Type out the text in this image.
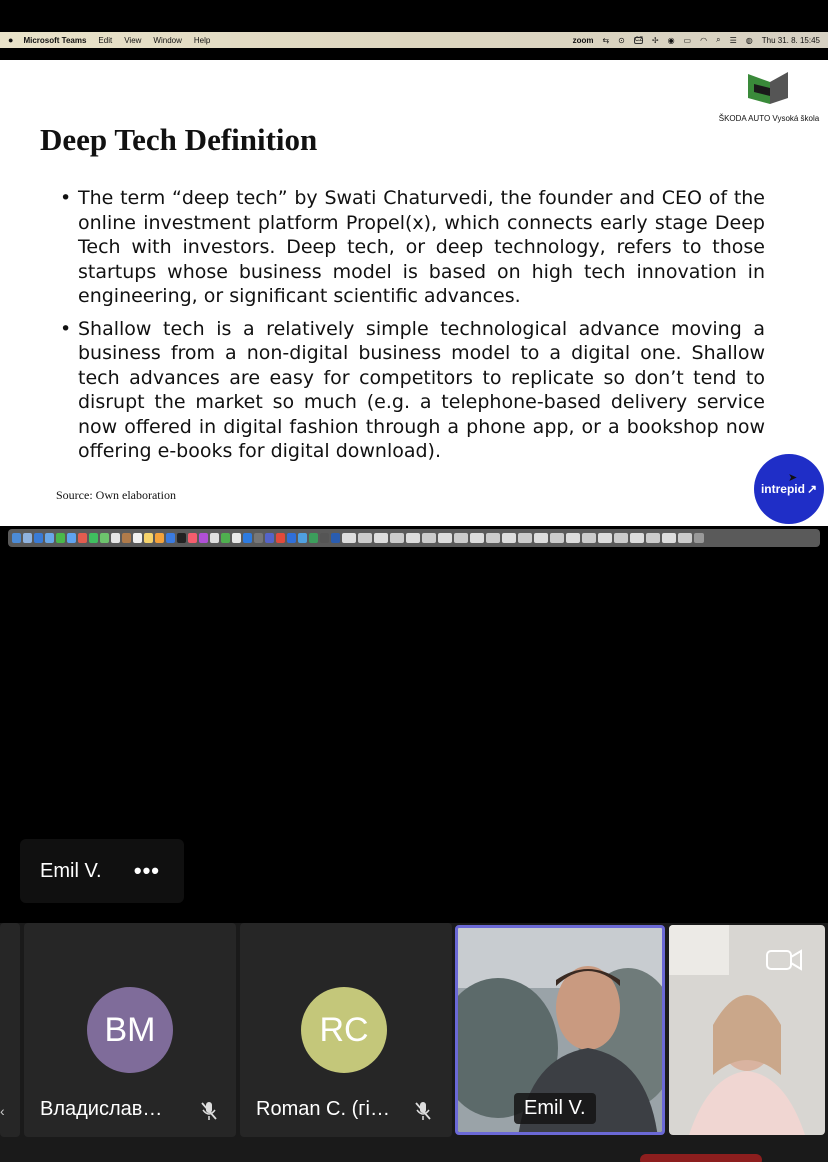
● Microsoft Teams Edit View Window Help	zoom ⇆ ⊙ CZ ✢ ◉ ▭ ◠ ⌕ ☰ ◍ Thu 31. 8. 15:45
Deep Tech Definition
ŠKODA AUTO Vysoká škola
• The term “deep tech” by Swati Chaturvedi, the founder and CEO of the online investment platform Propel(x), which connects early stage Deep Tech with investors. Deep tech, or deep technology, refers to those startups whose business model is based on high tech innovation in engineering, or significant scientific advances.
• Shallow tech is a relatively simple technological advance moving a business from a non-digital business model to a digital one. Shallow tech advances are easy for competitors to replicate so don’t tend to disrupt the market so much (e.g. a telephone-based delivery service now offered in digital fashion through a phone app, or a bookshop now offering e-books for digital download).
Source: Own elaboration	intrepid ↗
➤
Emil V.	•••
‹
BM
Владислав…
RC
Roman C. (гі…	Emil V.
